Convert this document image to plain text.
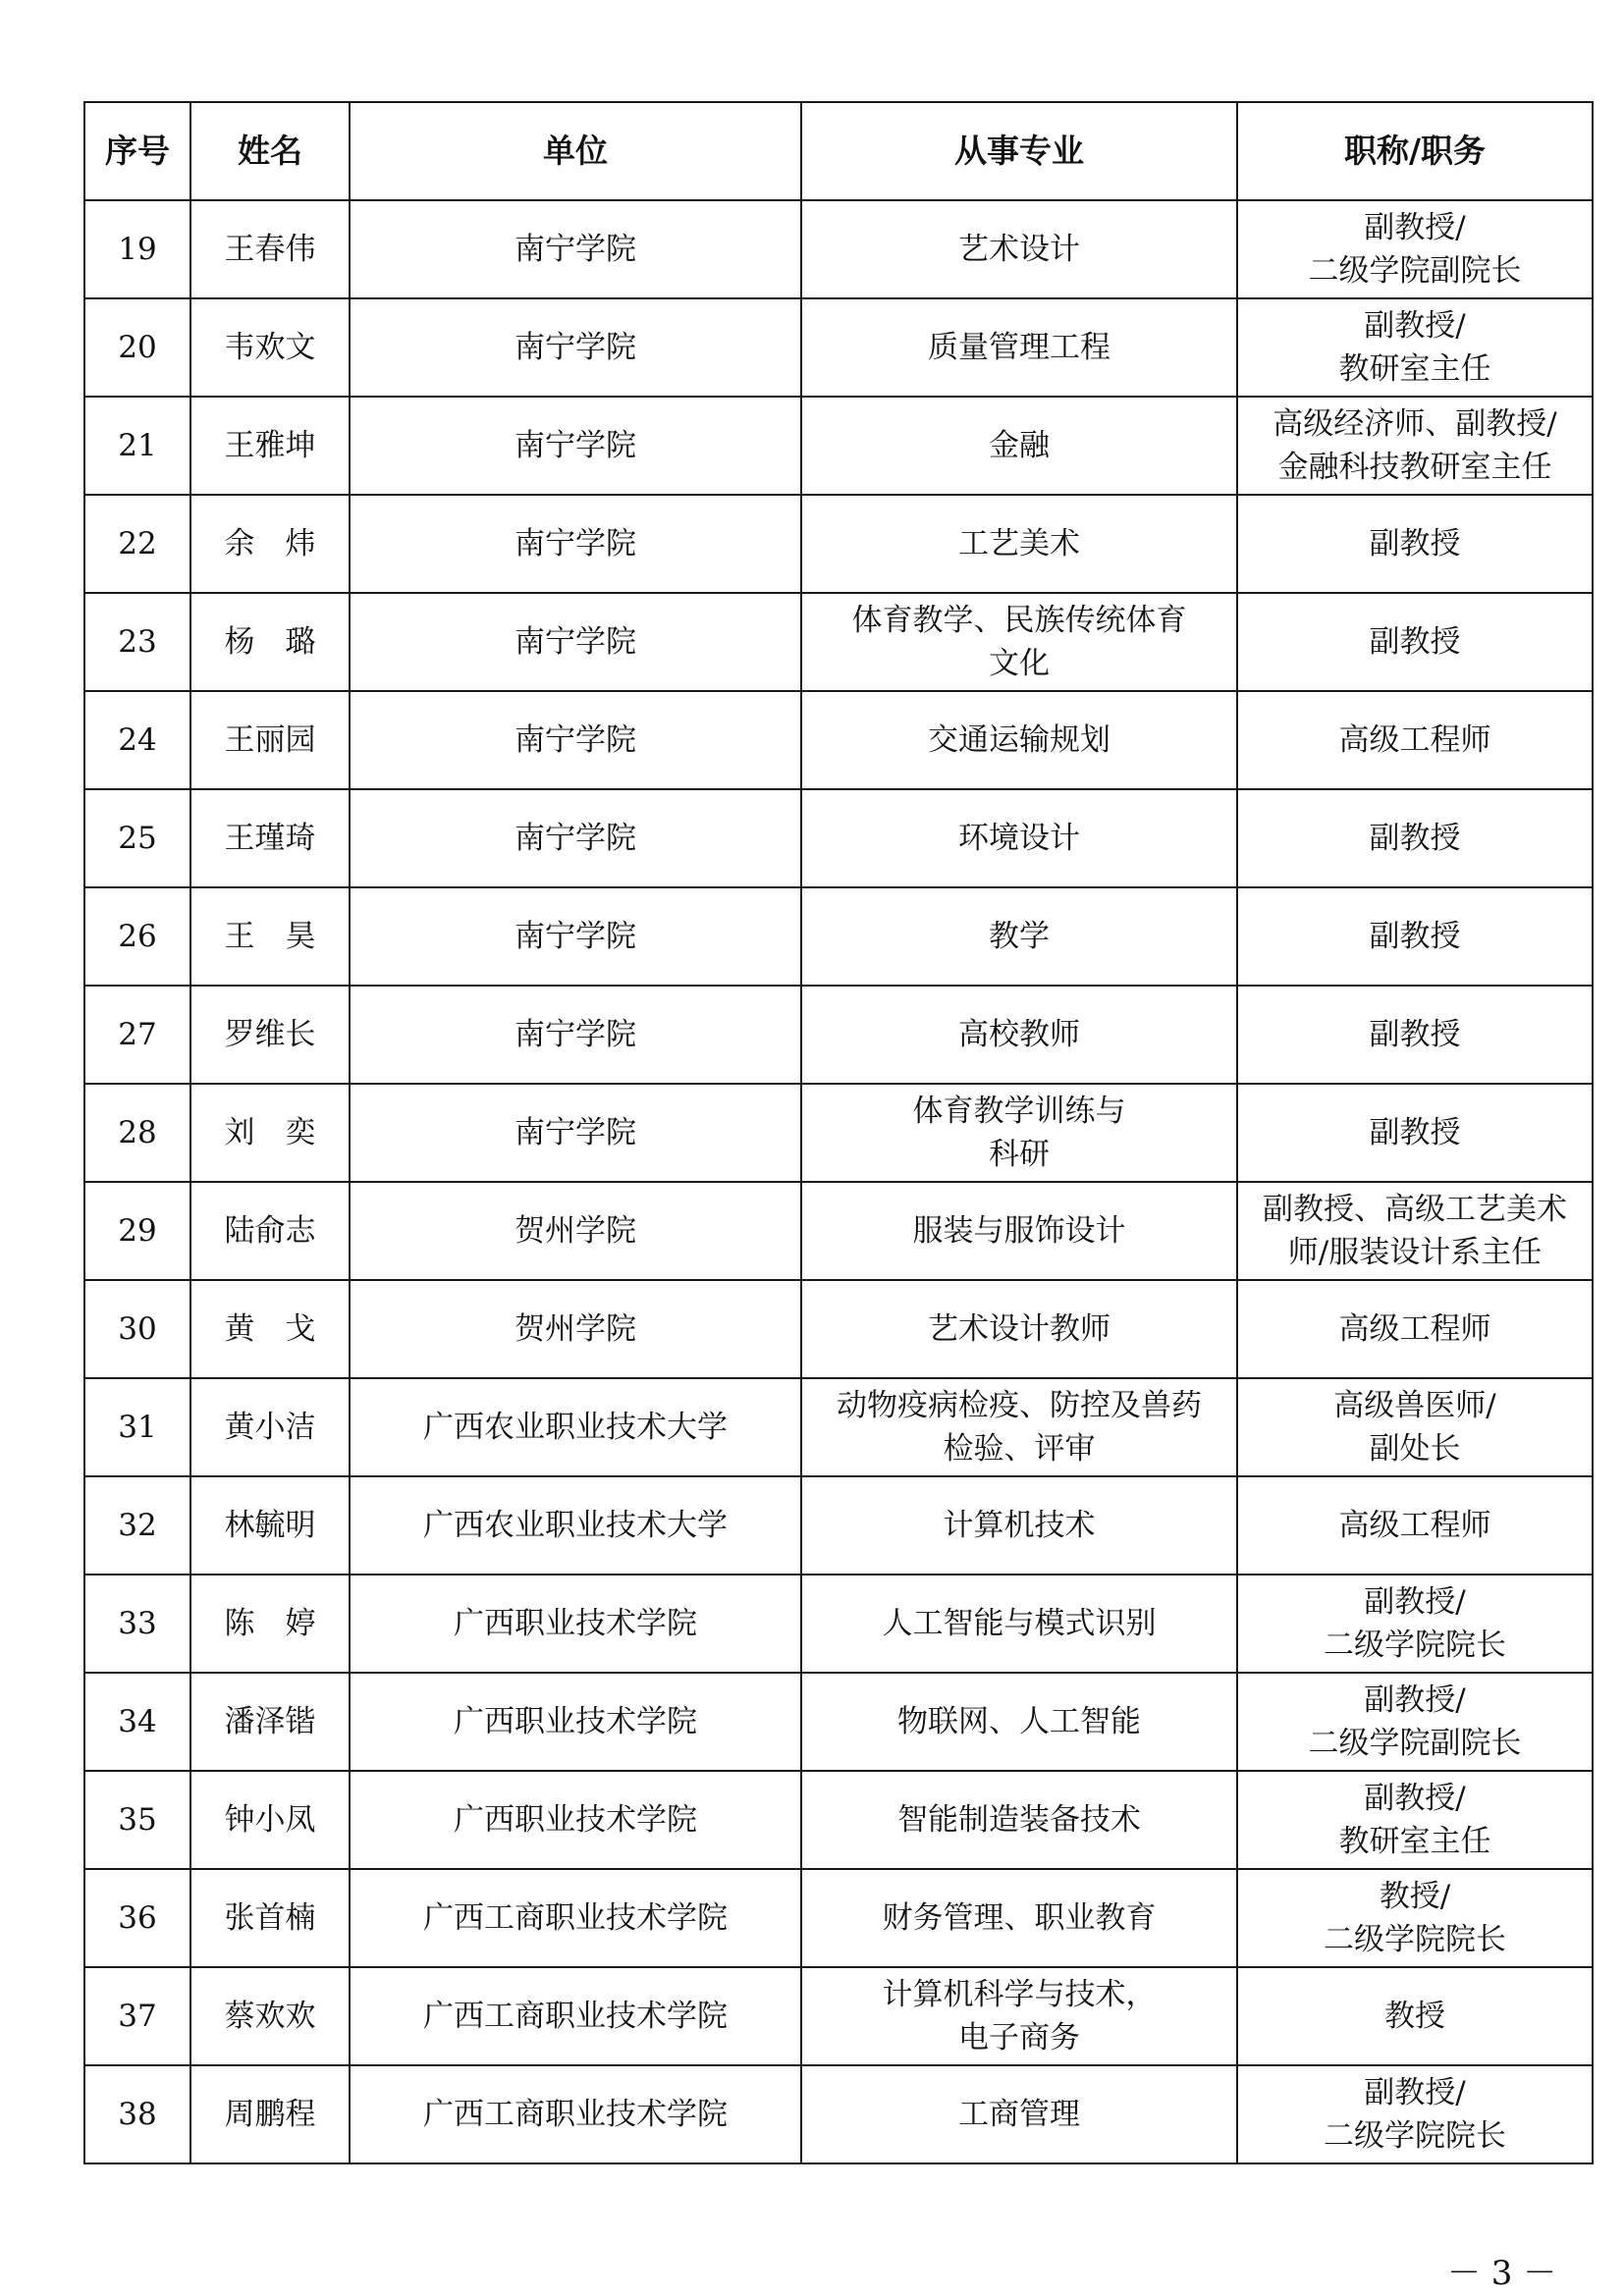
序号	姓名	单位	从事专业	职称/职务

19	王春伟	南宁学院	艺术设计	副教授/
二级学院副院长

20	韦欢文	南宁学院	质量管理工程	副教授/
教研室主任

21	王雅坤	南宁学院	金融	高级经济师、副教授/
金融科技教研室主任

22	余　炜	南宁学院	工艺美术	副教授

23	杨　璐	南宁学院	体育教学、民族传统体育
文化	副教授

24	王丽园	南宁学院	交通运输规划	高级工程师

25	王瑾琦	南宁学院	环境设计	副教授

26	王　昊	南宁学院	教学	副教授

27	罗维长	南宁学院	高校教师	副教授

28	刘　奕	南宁学院	体育教学训练与
科研	副教授

29	陆俞志	贺州学院	服装与服饰设计	副教授、高级工艺美术
师/服装设计系主任

30	黄　戈	贺州学院	艺术设计教师	高级工程师

31	黄小洁	广西农业职业技术大学	动物疫病检疫、防控及兽药
检验、评审	高级兽医师/
副处长

32	林毓明	广西农业职业技术大学	计算机技术	高级工程师

33	陈　婷	广西职业技术学院	人工智能与模式识别	副教授/
二级学院院长

34	潘泽锴	广西职业技术学院	物联网、人工智能	副教授/
二级学院副院长

35	钟小凤	广西职业技术学院	智能制造装备技术	副教授/
教研室主任

36	张首楠	广西工商职业技术学院	财务管理、职业教育	教授/
二级学院院长

37	蔡欢欢	广西工商职业技术学院	计算机科学与技术，
电子商务	教授

38	周鹏程	广西工商职业技术学院	工商管理	副教授/
二级学院院长
－ 3 －
